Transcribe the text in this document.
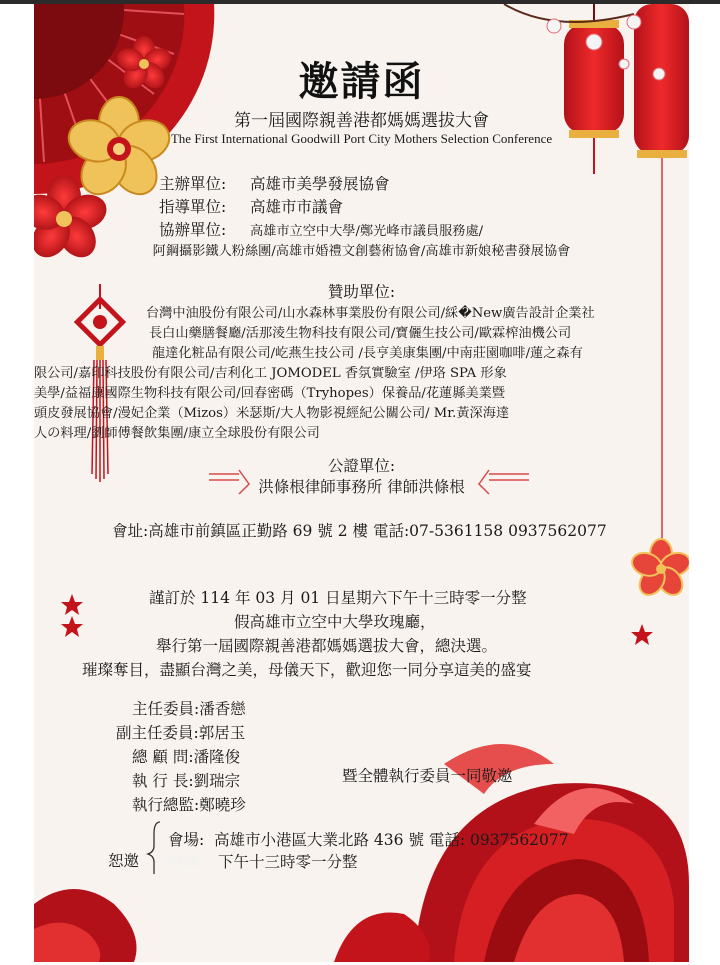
邀請函
第一屆國際親善港都媽媽選拔大會
The First International Goodwill Port City Mothers Selection Conference
主辦單位: 高雄市美學發展協會
指導單位: 高雄市市議會
協辦單位: 高雄市立空中大學/鄭光峰市議員服務處/
阿鋼攝影鐵人粉絲團/高雄市婚禮文創藝術協會/高雄市新娘秘書發展協會
贊助單位:
台灣中油股份有限公司/山水森林事業股份有限公司/綵�New廣告設計企業社
長白山藥膳餐廳/活那淩生物科技有限公司/寶儷生技公司/歐霖榨油機公司
龍達化粧品有限公司/屹燕生技公司 /長亨美康集團/中南莊園咖啡/蓮之森有
限公司/嘉印科技股份有限公司/吉利化工 JOMODEL 香氛實驗室 /伊珞 SPA 形象
美學/益福康國際生物科技有限公司/回春密碼（Tryhopes）保養品/花蓮縣美業暨
頭皮發展協會/漫妃企業（Mizos）米瑟斯/大人物影視經紀公關公司/ Mr.黃深海達
人の料理/劉師傅餐飲集團/康立全球股份有限公司
公證單位:
洪條根律師事務所 律師洪條根
會址:高雄市前鎮區正勤路 69 號 2 樓 電話:07-5361158 0937562077
謹訂於 114 年 03 月 01 日星期六下午十三時零一分整
假高雄市立空中大學玫瑰廳，
舉行第一屆國際親善港都媽媽選拔大會，總決選。
璀璨奪目，盡顯台灣之美，母儀天下，歡迎您一同分享這美的盛宴
主任委員:潘香戀
副主任委員:郭居玉
總 顧 問:潘隆俊
執 行 長:劉瑞宗
執行總監:鄭曉珍
暨全體執行委員一同敬邀
恕邀
會場: 高雄市小港區大業北路 436 號 電話: 0937562077
時間: 下午十三時零一分整
